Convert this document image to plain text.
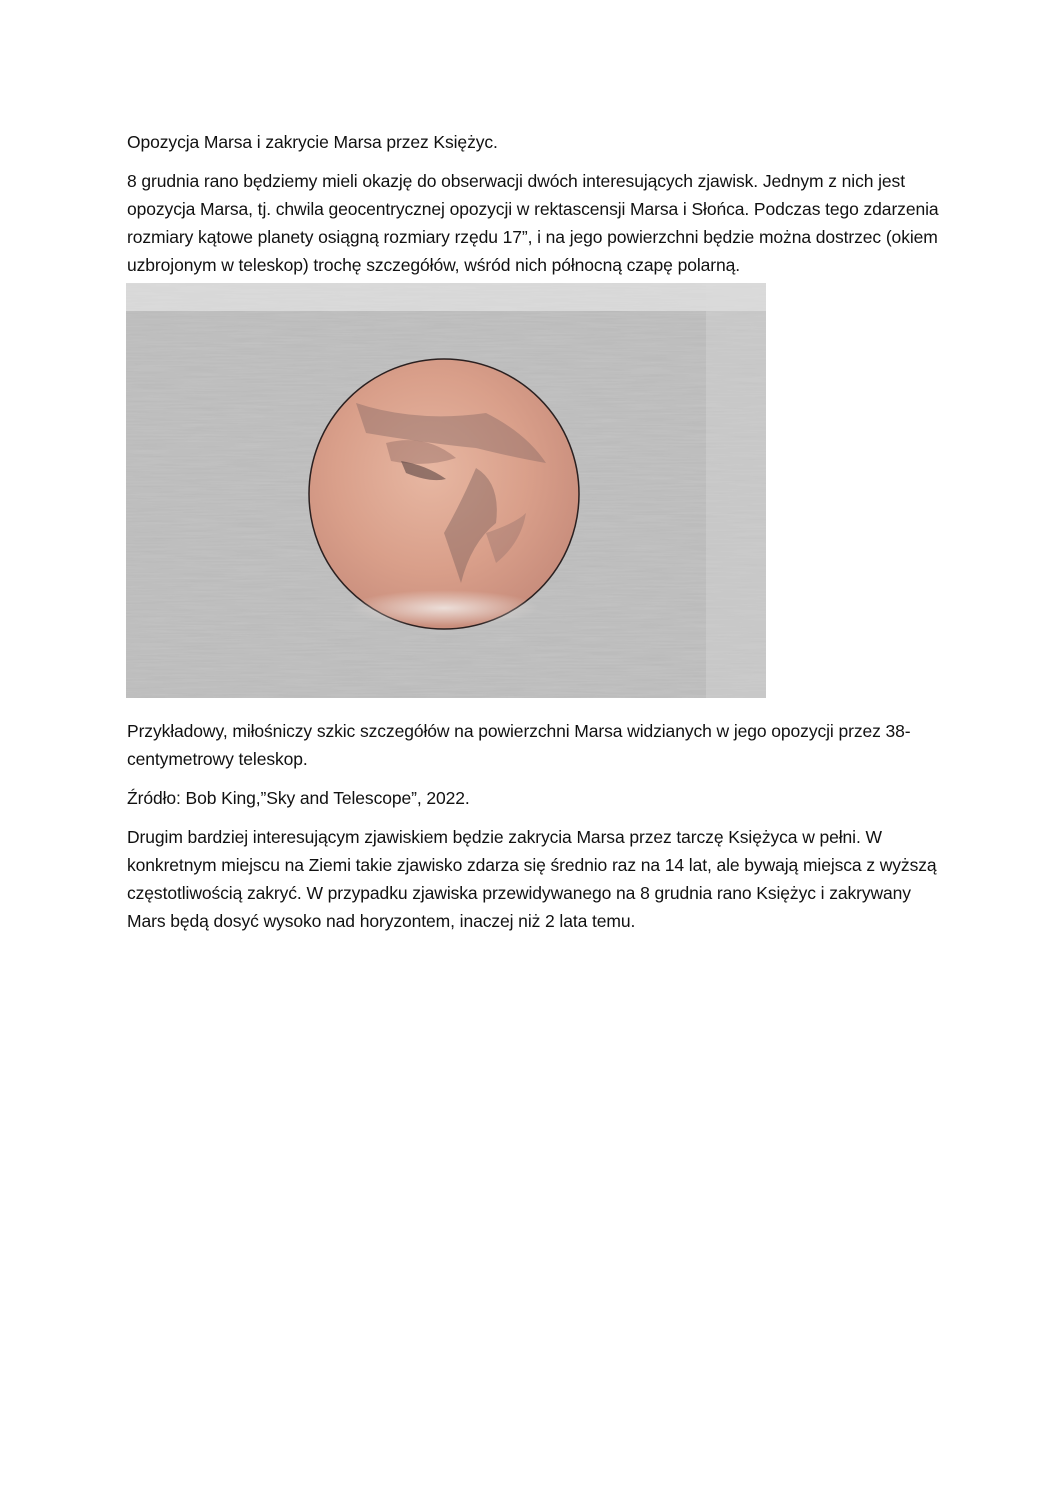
Opozycja Marsa i zakrycie Marsa przez Księżyc.

8 grudnia rano będziemy mieli okazję do obserwacji dwóch interesujących zjawisk. Jednym z nich jest opozycja Marsa, tj. chwila geocentrycznej opozycji w rektascensji Marsa i Słońca. Podczas tego zdarzenia rozmiary kątowe planety osiągną rozmiary rzędu 17”, i na jego powierzchni będzie można dostrzec (okiem uzbrojonym w teleskop) trochę szczegółów, wśród nich północną czapę polarną.

Przykładowy, miłośniczy szkic szczegółów na powierzchni Marsa widzianych w jego opozycji przez 38-centymetrowy teleskop.

Źródło: Bob King,”Sky and Telescope”, 2022.

Drugim bardziej interesującym zjawiskiem będzie zakrycia Marsa przez tarczę Księżyca w pełni. W konkretnym miejscu na Ziemi takie zjawisko zdarza się średnio raz na 14 lat, ale bywają miejsca z wyższą częstotliwością zakryć. W przypadku zjawiska przewidywanego na 8 grudnia rano Księżyc i zakrywany Mars będą dosyć wysoko nad horyzontem, inaczej niż 2 lata temu.
